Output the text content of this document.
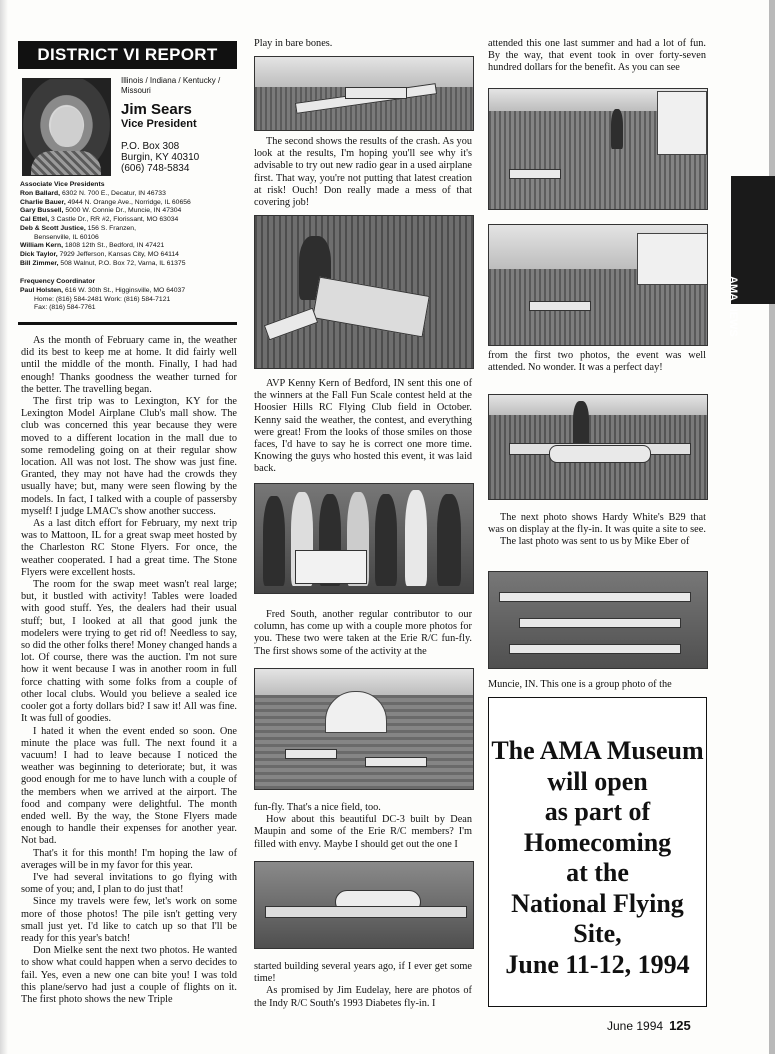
DISTRICT VI REPORT
Illinois / Indiana / Kentucky /
Missouri
Jim Sears
Vice President
P.O. Box 308
Burgin, KY 40310
(606) 748-5834
Associate Vice Presidents
Ron Ballard, 6302 N. 700 E., Decatur, IN 46733
Charlie Bauer, 4944 N. Orange Ave., Norridge, IL 60656
Gary Bussell, 5000 W. Connie Dr., Muncie, IN 47304
Cal Ettel, 3 Castle Dr., RR #2, Florissant, MO 63034
Deb & Scott Justice, 156 S. Franzen,
Bensenville, IL 60106
William Kern, 1808 12th St., Bedford, IN 47421
Dick Taylor, 7929 Jefferson, Kansas City, MO 64114
Bill Zimmer, 508 Walnut, P.O. Box 72, Varna, IL 61375
Frequency Coordinator
Paul Holsten, 616 W. 30th St., Higginsville, MO 64037
Home: (816) 584-2481 Work: (816) 584-7121
Fax: (816) 584-7761

As the month of February came in, the weather did its best to keep me at home. It did fairly well until the middle of the month. Finally, I had had enough! Thanks goodness the weather turned for the better. The travelling began.

The first trip was to Lexington, KY for the Lexington Model Airplane Club's mall show. The club was concerned this year because they were moved to a different location in the mall due to some remodeling going on at their regular show location. All was not lost. The show was just fine. Granted, they may not have had the crowds they usually have; but, many were seen flowing by the models. In fact, I talked with a couple of passersby myself! I judge LMAC's show another success.

As a last ditch effort for February, my next trip was to Mattoon, IL for a great swap meet hosted by the Charleston RC Stone Flyers. For once, the weather cooperated. I had a great time. The Stone Flyers were excellent hosts.

The room for the swap meet wasn't real large; but, it bustled with activity! Tables were loaded with good stuff. Yes, the dealers had their usual stuff; but, I looked at all that good junk the modelers were trying to get rid of! Needless to say, so did the other folks there! Money changed hands a lot. Of course, there was the auction. I'm not sure how it went because I was in another room in full force chatting with some folks from a couple of other local clubs. Would you believe a sealed ice cooler got a forty dollars bid? I saw it! All was fine. It was full of goodies.

I hated it when the event ended so soon. One minute the place was full. The next found it a vacuum! I had to leave because I noticed the weather was beginning to deteriorate; but, it was good enough for me to have lunch with a couple of the members when we arrived at the airport. The food and company were delightful. The month ended well. By the way, the Stone Flyers made enough to handle their expenses for another year. Not bad.

That's it for this month! I'm hoping the law of averages will be in my favor for this year.

I've had several invitations to go flying with some of you; and, I plan to do just that!

Since my travels were few, let's work on some more of those photos! The pile isn't getting very small just yet. I'd like to catch up so that I'll be ready for this year's batch!

Don Mielke sent the next two photos. He wanted to show what could happen when a servo decides to fail. Yes, even a new one can bite you! I was told this plane/servo had just a couple of flights on it. The first photo shows the new Triple

Play in bare bones.

The second shows the results of the crash. As you look at the results, I'm hoping you'll see why it's advisable to try out new radio gear in a used airplane first. That way, you're not putting that latest creation at risk! Ouch! Don really made a mess of that covering job!

AVP Kenny Kern of Bedford, IN sent this one of the winners at the Fall Fun Scale contest held at the Hoosier Hills RC Flying Club field in October. Kenny said the weather, the contest, and everything were great! From the looks of those smiles on those faces, I'd have to say he is correct one more time. Knowing the guys who hosted this event, it was laid back.

Fred South, another regular contributor to our column, has come up with a couple more photos for you. These two were taken at the Erie R/C fun-fly. The first shows some of the activity at the

fun-fly. That's a nice field, too.

How about this beautiful DC-3 built by Dean Maupin and some of the Erie R/C members? I'm filled with envy. Maybe I should get out the one I

started building several years ago, if I ever get some time!

As promised by Jim Eudelay, here are photos of the Indy R/C South's 1993 Diabetes fly-in. I

attended this one last summer and had a lot of fun. By the way, that event took in over forty-seven hundred dollars for the benefit. As you can see

from the first two photos, the event was well attended. No wonder. It was a perfect day!

The next photo shows Hardy White's B29 that was on display at the fly-in. It was quite a site to see.

The last photo was sent to us by Mike Eber of

Muncie, IN. This one is a group photo of the

The AMA Museum
will open
as part of
Homecoming
at the
National Flying
Site,
June 11-12, 1994
AMA NEWS
June 1994 125
